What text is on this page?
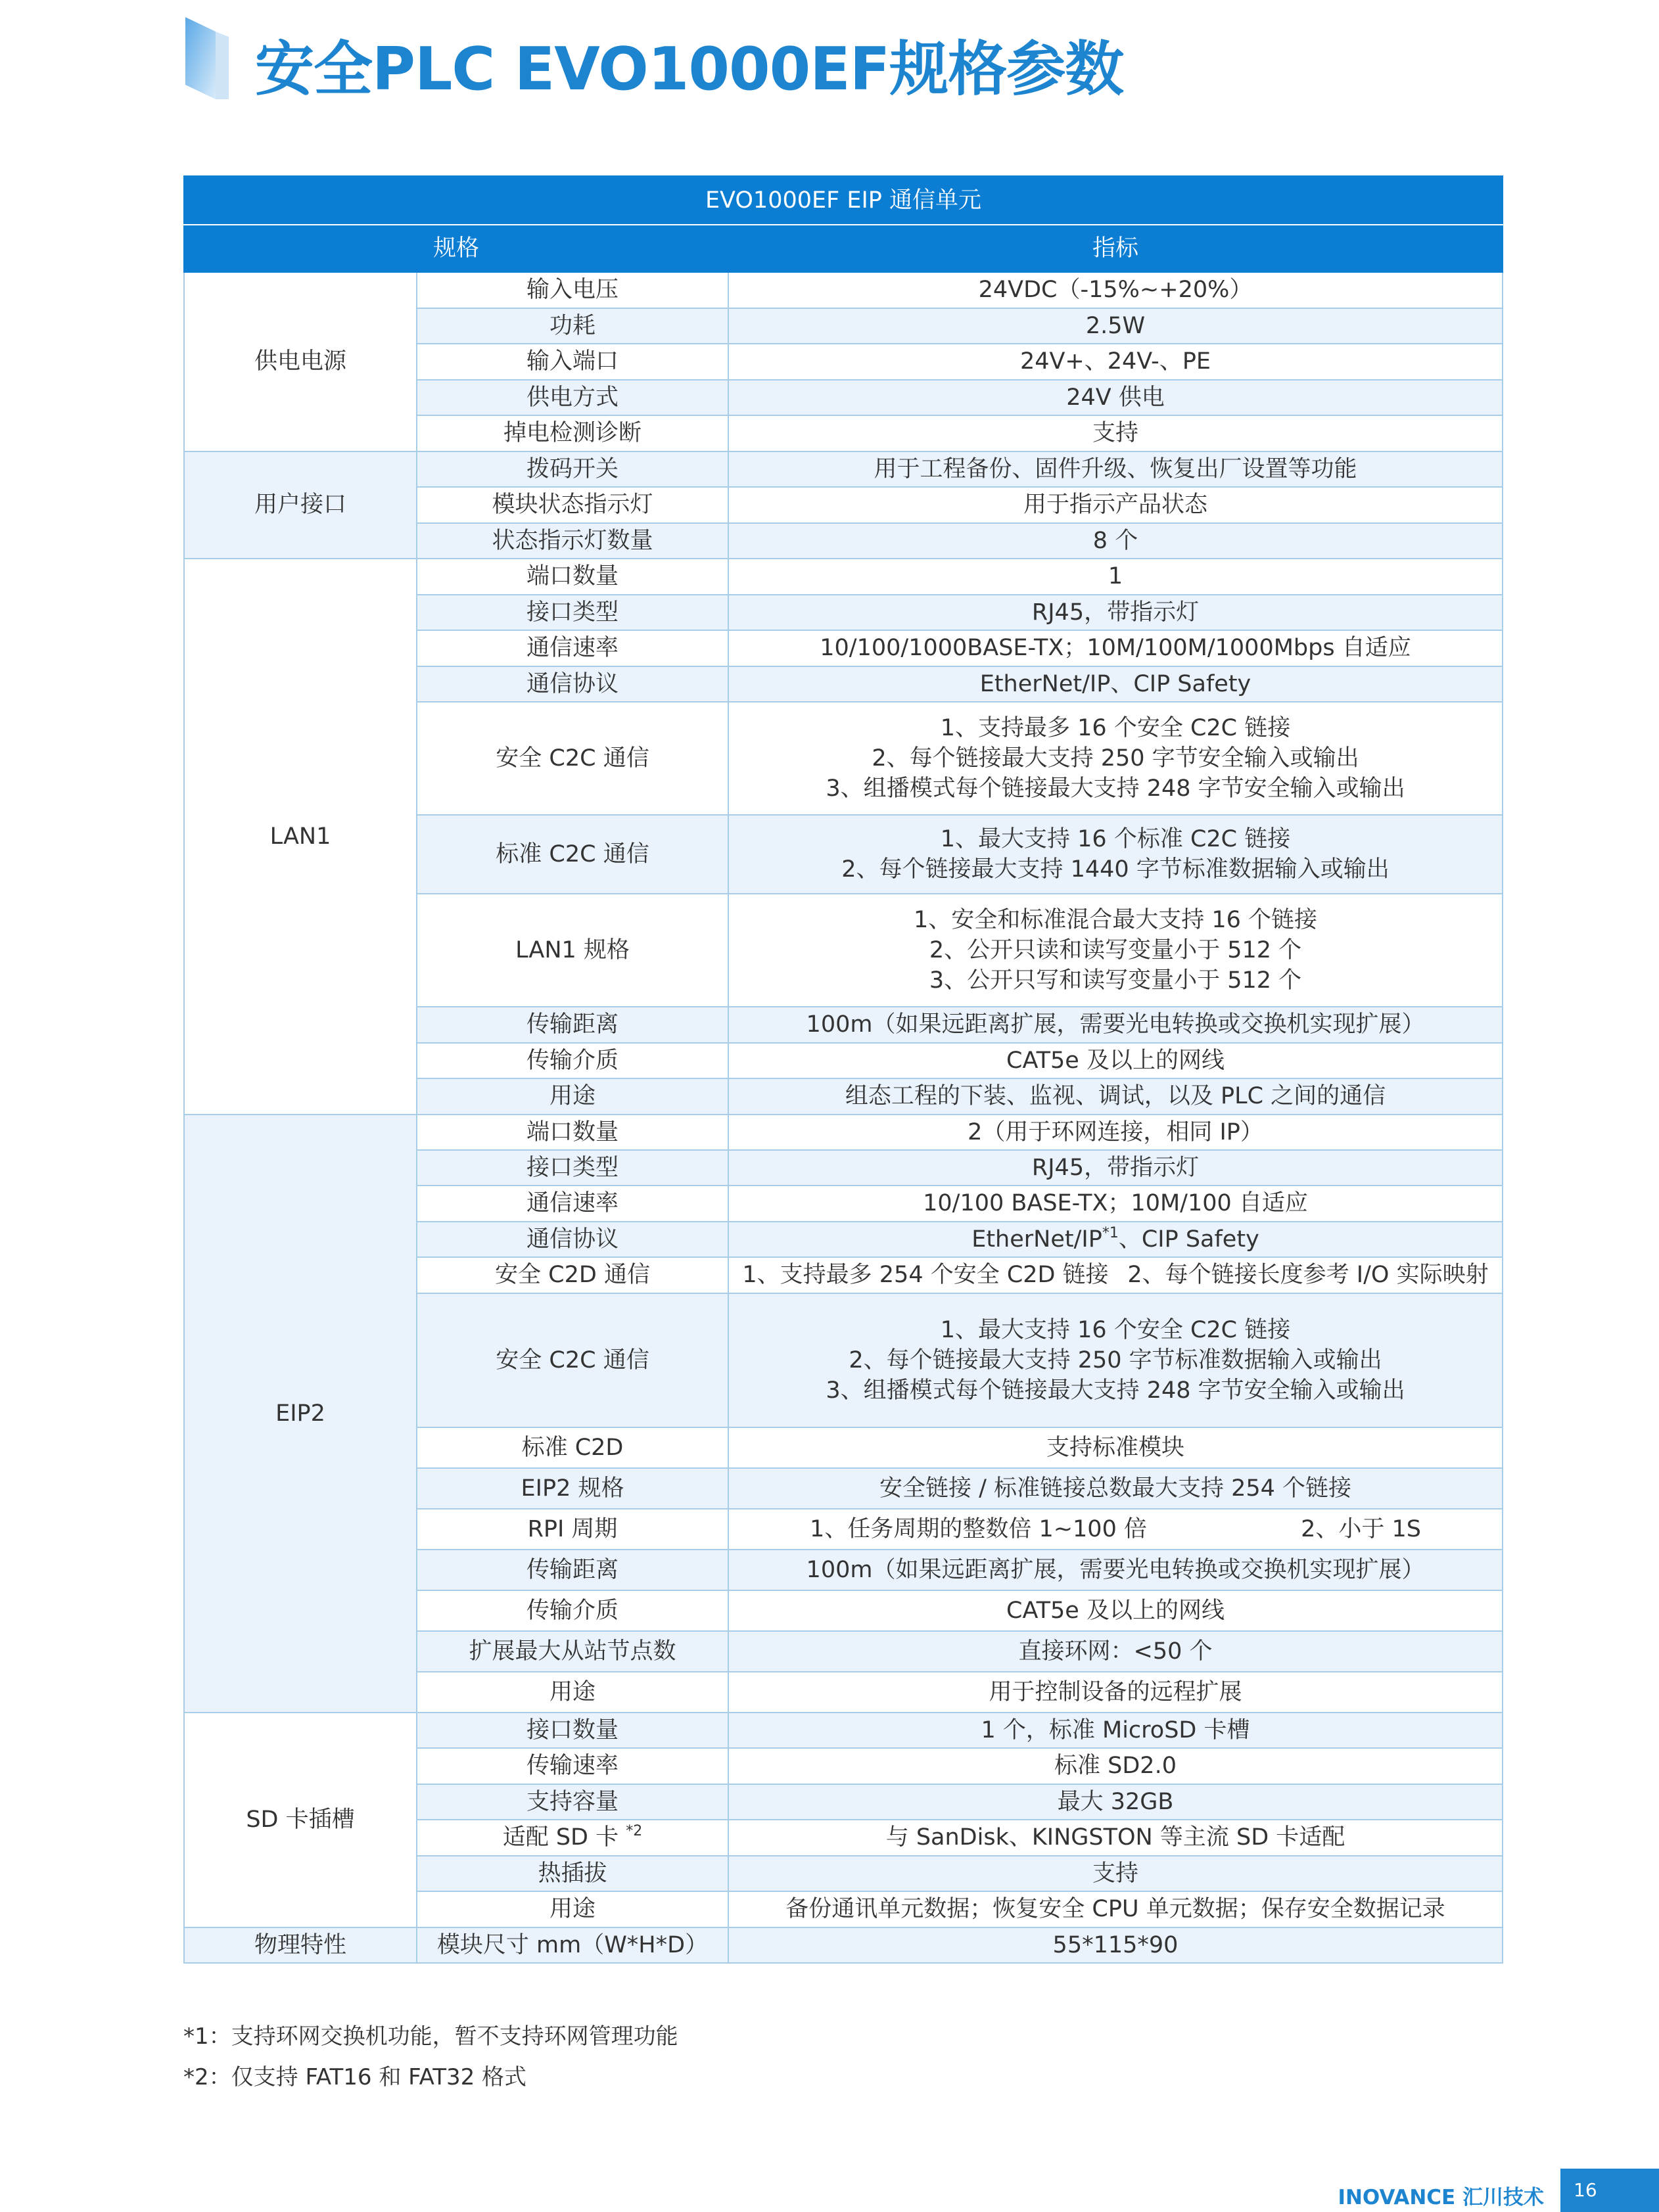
安全PLC EVO1000EF规格参数
EVO1000EF EIP 通信单元		
规格		指标
供电电源	输入电压	24VDC（-15%~+20%）

	功耗	2.5W

	输入端口	24V+、24V-、PE

	供电方式	24V 供电

	掉电检测诊断	支持

用户接口	拨码开关	用于工程备份、固件升级、恢复出厂设置等功能

	模块状态指示灯	用于指示产品状态

	状态指示灯数量	8 个

LAN1	端口数量	1

	接口类型	RJ45，带指示灯

	通信速率	10/100/1000BASE-TX；10M/100M/1000Mbps 自适应

	通信协议	EtherNet/IP、CIP Safety

	安全 C2C 通信	1、支持最多 16 个安全 C2C 链接
2、每个链接最大支持 250 字节安全输入或输出
3、组播模式每个链接最大支持 248 字节安全输入或输出

	标准 C2C 通信	1、最大支持 16 个标准 C2C 链接
2、每个链接最大支持 1440 字节标准数据输入或输出

	LAN1 规格	1、安全和标准混合最大支持 16 个链接
2、公开只读和读写变量小于 512 个
3、公开只写和读写变量小于 512 个

	传输距离	100m（如果远距离扩展，需要光电转换或交换机实现扩展）

	传输介质	CAT5e 及以上的网线

	用途	组态工程的下装、监视、调试，以及 PLC 之间的通信

EIP2	端口数量	2（用于环网连接，相同 IP）

	接口类型	RJ45，带指示灯

	通信速率	10/100 BASE-TX；10M/100 自适应

	通信协议	EtherNet/IP$^{*1}$、CIP Safety
	安全 C2D 通信	1、支持最多 254 个安全 C2D 链接 2、每个链接长度参考 I/O 实际映射

	安全 C2C 通信	1、最大支持 16 个安全 C2C 链接
2、每个链接最大支持 250 字节标准数据输入或输出
3、组播模式每个链接最大支持 248 字节安全输入或输出

	标准 C2D	支持标准模块

	EIP2 规格	安全链接 / 标准链接总数最大支持 254 个链接

	RPI 周期	1、任务周期的整数倍 1~100 倍 2、小于 1S

	传输距离	100m（如果远距离扩展，需要光电转换或交换机实现扩展）

	传输介质	CAT5e 及以上的网线

	扩展最大从站节点数	直接环网：<50 个

	用途	用于控制设备的远程扩展

SD 卡插槽	接口数量	1 个，标准 MicroSD 卡槽

	传输速率	标准 SD2.0

	支持容量	最大 32GB

	适配 SD 卡 $^{*2}$	与 SanDisk、KINGSTON 等主流 SD 卡适配

	热插拔	支持

	用途	备份通讯单元数据；恢复安全 CPU 单元数据；保存安全数据记录

物理特性	模块尺寸 mm（W*H*D）	55*115*90
*1：支持环网交换机功能，暂不支持环网管理功能
*2：仅支持 FAT16 和 FAT32 格式
INOVANCE 汇川技术	16
